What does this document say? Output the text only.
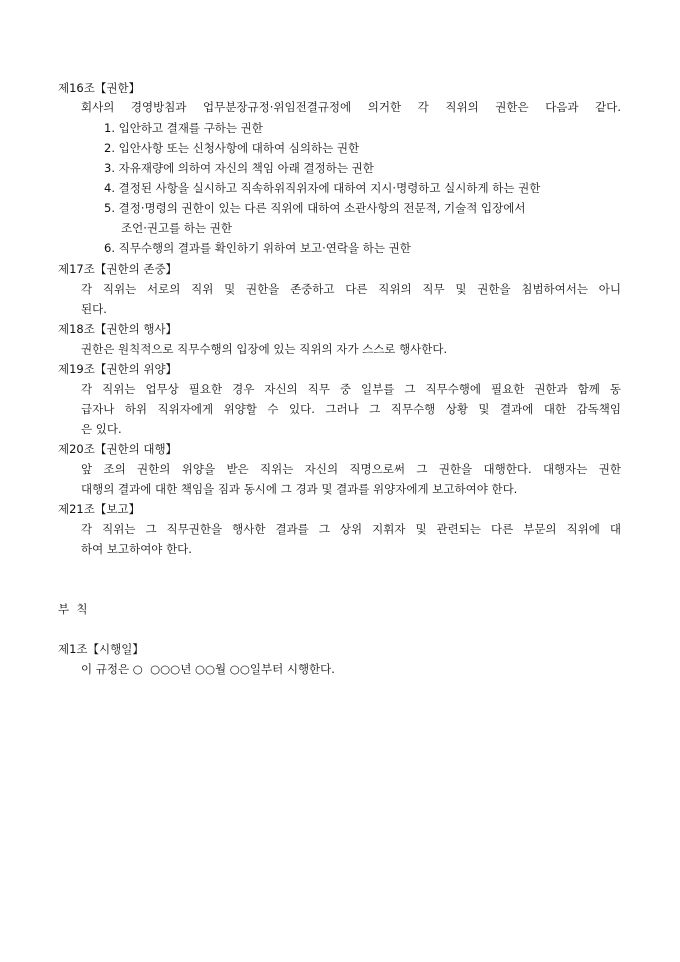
제16조【권한】
회사의 경영방침과 업무분장규정·위임전결규정에 의거한 각 직위의 권한은 다음과 같다.
1. 입안하고 결재를 구하는 권한
2. 입안사항 또는 신청사항에 대하여 심의하는 권한
3. 자유재량에 의하여 자신의 책임 아래 결정하는 권한
4. 결정된 사항을 실시하고 직속하위직위자에 대하여 지시·명령하고 실시하게 하는 권한
5. 결정·명령의 권한이 있는 다른 직위에 대하여 소관사항의 전문적, 기술적 입장에서
조언·권고를 하는 권한
6. 직무수행의 결과를 확인하기 위하여 보고·연락을 하는 권한
제17조【권한의 존중】
각 직위는 서로의 직위 및 권한을 존중하고 다른 직위의 직무 및 권한을 침범하여서는 아니
된다.
제18조【권한의 행사】
권한은 원칙적으로 직무수행의 입장에 있는 직위의 자가 스스로 행사한다.
제19조【권한의 위양】
각 직위는 업무상 필요한 경우 자신의 직무 중 일부를 그 직무수행에 필요한 권한과 함께 동
급자나 하위 직위자에게 위양할 수 있다. 그러나 그 직무수행 상황 및 결과에 대한 감독책임
은 있다.
제20조【권한의 대행】
앞 조의 권한의 위양을 받은 직위는 자신의 직명으로써 그 권한을 대행한다. 대행자는 권한
대행의 결과에 대한 책임을 짐과 동시에 그 경과 및 결과를 위양자에게 보고하여야 한다.
제21조【보고】
각 직위는 그 직무권한을 행사한 결과를 그 상위 지휘자 및 관련되는 다른 부문의 직위에 대
하여 보고하여야 한다.
부  칙
제1조【시행일】
이 규정은 ○  ○○○년 ○○월 ○○일부터 시행한다.
